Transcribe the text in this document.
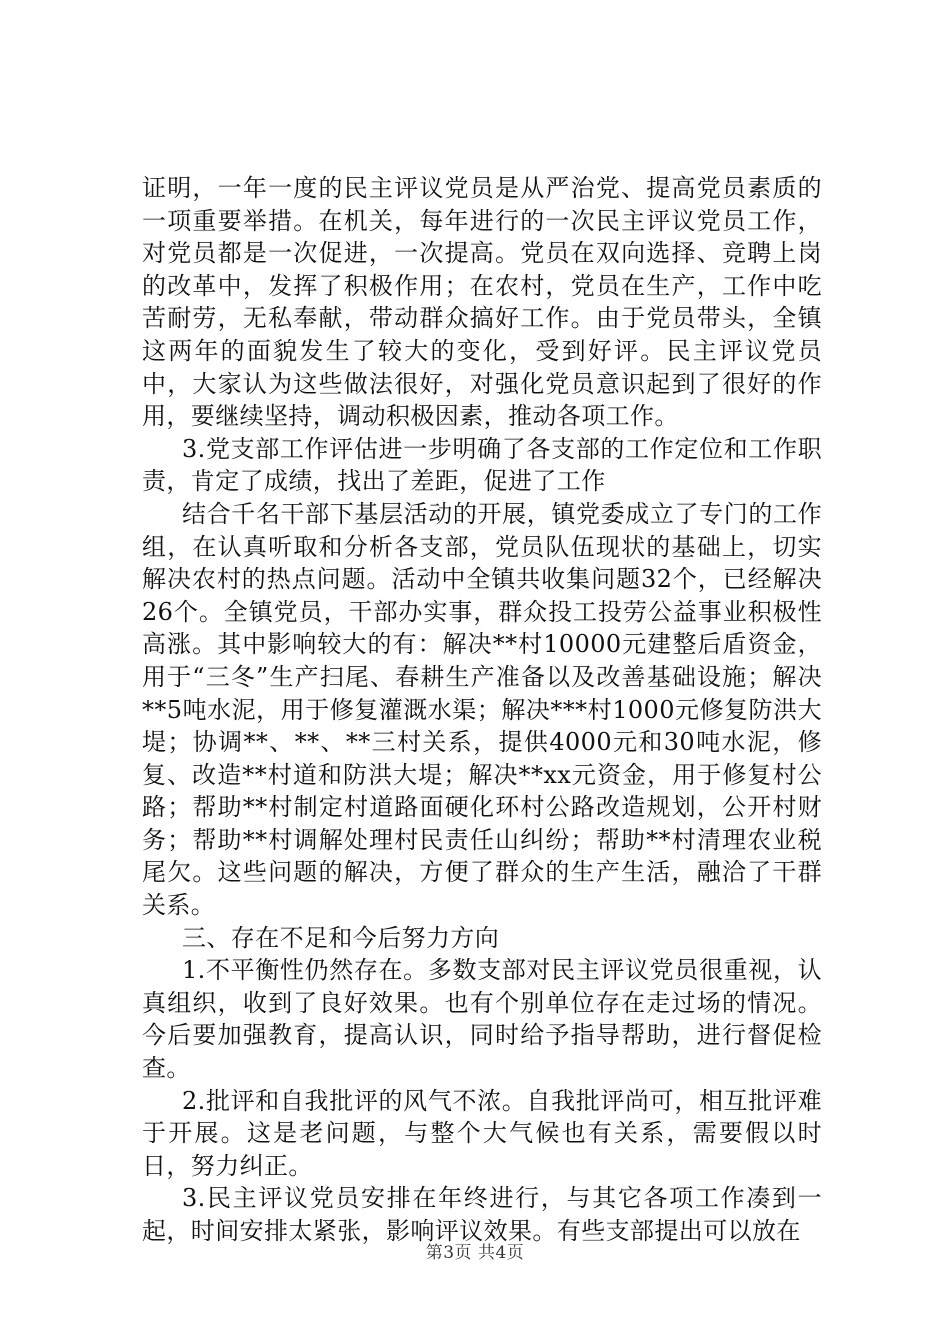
证明，一年一度的民主评议党员是从严治党、提高党员素质的一项重要举措。在机关，每年进行的一次民主评议党员工作，对党员都是一次促进，一次提高。党员在双向选择、竞聘上岗的改革中，发挥了积极作用；在农村，党员在生产，工作中吃苦耐劳，无私奉献，带动群众搞好工作。由于党员带头，全镇这两年的面貌发生了较大的变化，受到好评。民主评议党员中，大家认为这些做法很好，对强化党员意识起到了很好的作用，要继续坚持，调动积极因素，推动各项工作。

3.党支部工作评估进一步明确了各支部的工作定位和工作职责，肯定了成绩，找出了差距，促进了工作

结合千名干部下基层活动的开展，镇党委成立了专门的工作组，在认真听取和分析各支部，党员队伍现状的基础上，切实解决农村的热点问题。活动中全镇共收集问题32个，已经解决26个。全镇党员，干部办实事，群众投工投劳公益事业积极性高涨。其中影响较大的有：解决**村10000元建整后盾资金，用于“三冬”生产扫尾、春耕生产准备以及改善基础设施；解决**5吨水泥，用于修复灌溉水渠；解决***村1000元修复防洪大堤；协调**、**、**三村关系，提供4000元和30吨水泥，修复、改造**村道和防洪大堤；解决**xx元资金，用于修复村公路；帮助**村制定村道路面硬化环村公路改造规划，公开村财务；帮助**村调解处理村民责任山纠纷；帮助**村清理农业税尾欠。这些问题的解决，方便了群众的生产生活，融洽了干群关系。

三、存在不足和今后努力方向

1.不平衡性仍然存在。多数支部对民主评议党员很重视，认真组织，收到了良好效果。也有个别单位存在走过场的情况。今后要加强教育，提高认识，同时给予指导帮助，进行督促检查。

2.批评和自我批评的风气不浓。自我批评尚可，相互批评难于开展。这是老问题，与整个大气候也有关系，需要假以时日，努力纠正。

3.民主评议党员安排在年终进行，与其它各项工作凑到一起，时间安排太紧张，影响评议效果。有些支部提出可以放在

第3页 共4页
